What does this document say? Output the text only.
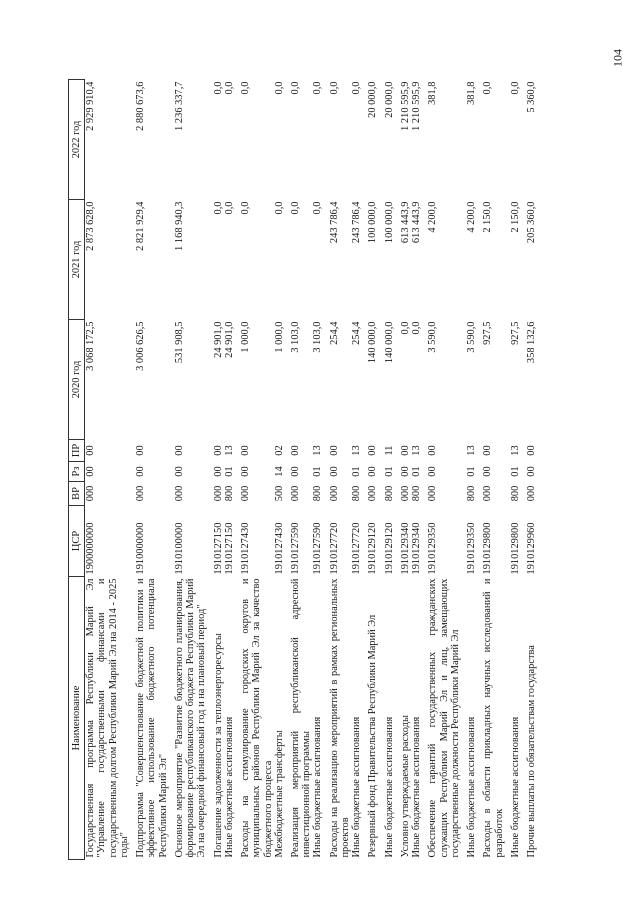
104
Наименование	ЦСР	ВР	Рз	ПР	2020 год	2021 год	2022 год
Государственная программа Республики Марий Эл "Управление государственными финансами и государственным долгом Республики Марий Эл на 2014 - 2025 годы"	1900000000	000	00	00	3 068 172,5	2 873 628,0	2 929 910,4
Подпрограмма "Совершенствование бюджетной политики и эффективное использование бюджетного потенциала Республики Марий Эл"	1910000000	000	00	00	3 006 626,5	2 821 929,4	2 880 673,6
Основное мероприятие "Развитие бюджетного планирования, формирование республиканского бюджета Республики Марий Эл на очередной финансовый год и на плановый период"	1910100000	000	00	00	531 908,5	1 168 940,3	1 236 337,7
Погашение задолженности за теплоэнергоресурсы	1910127150	000	00	00	24 901,0	0,0	0,0
Иные бюджетные ассигнования	1910127150	800	01	13	24 901,0	0,0	0,0
Расходы на стимулирование городских округов и муниципальных районов Республики Марий Эл за качество бюджетного процесса	1910127430	000	00	00	1 000,0	0,0	0,0
Межбюджетные трансферты	1910127430	500	14	02	1 000,0	0,0	0,0
Реализация мероприятий республиканской адресной инвестиционной программы	1910127590	000	00	00	3 103,0	0,0	0,0
Иные бюджетные ассигнования	1910127590	800	01	13	3 103,0	0,0	0,0
Расходы на реализацию мероприятий в рамках региональных проектов	1910127720	000	00	00	254,4	243 786,4	0,0
Иные бюджетные ассигнования	1910127720	800	01	13	254,4	243 786,4	0,0
Резервный фонд Правительства Республики Марий Эл	1910129120	000	00	00	140 000,0	100 000,0	20 000,0
Иные бюджетные ассигнования	1910129120	800	01	11	140 000,0	100 000,0	20 000,0
Условно утверждаемые расходы	1910129340	000	00	00	0,0	613 443,9	1 210 595,9
Иные бюджетные ассигнования	1910129340	800	01	13	0,0	613 443,9	1 210 595,9
Обеспечение гарантий государственных гражданских служащих Республики Марий Эл и лиц, замещающих государственные должности Республики Марий Эл	1910129350	000	00	00	3 590,0	4 200,0	381,8
Иные бюджетные ассигнования	1910129350	800	01	13	3 590,0	4 200,0	381,8
Расходы в области прикладных научных исследований и разработок	1910129800	000	00	00	927,5	2 150,0	0,0
Иные бюджетные ассигнования	1910129800	800	01	13	927,5	2 150,0	0,0
Прочие выплаты по обязательствам государства	1910129960	000	00	00	358 132,6	205 360,0	5 360,0
